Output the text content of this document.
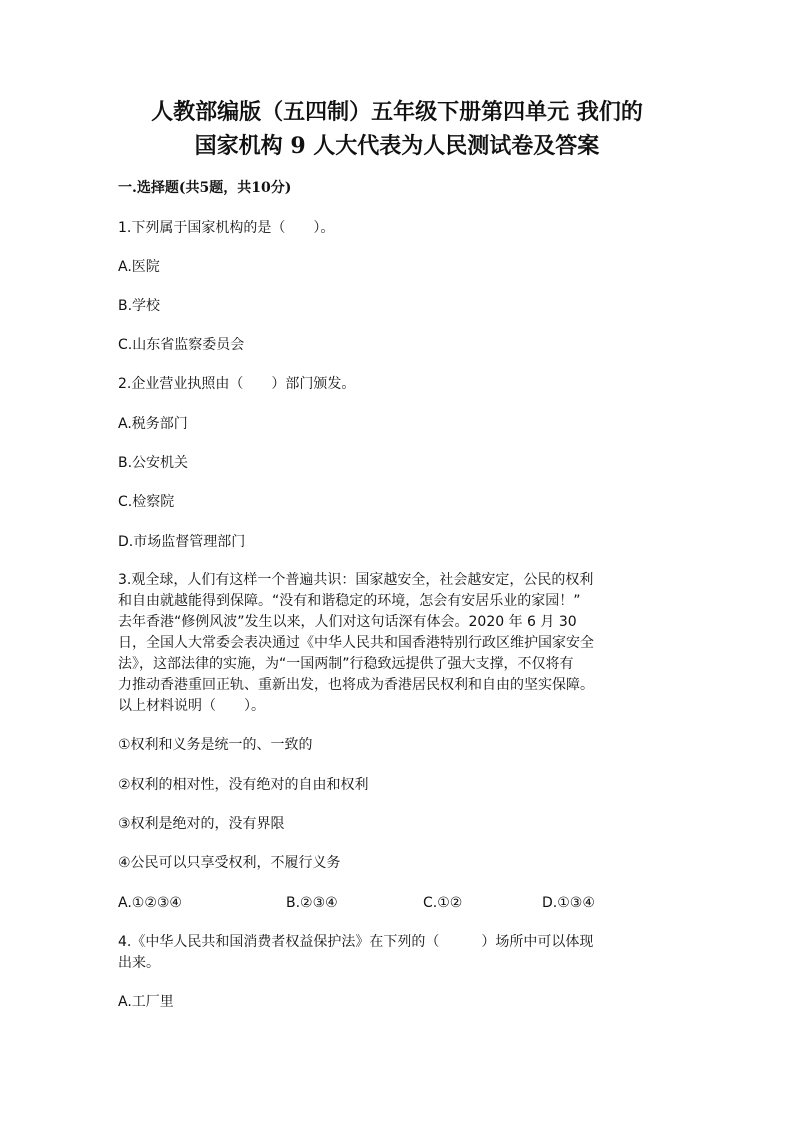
人教部编版（五四制）五年级下册第四单元 我们的
国家机构 9 人大代表为人民测试卷及答案
一.选择题(共5题，共10分)
1.下列属于国家机构的是（　　）。
A.医院
B.学校
C.山东省监察委员会
2.企业营业执照由（　　）部门颁发。
A.税务部门
B.公安机关
C.检察院
D.市场监督管理部门
3.观全球，人们有这样一个普遍共识：国家越安全，社会越安定，公民的权利
和自由就越能得到保障。“没有和谐稳定的环境，怎会有安居乐业的家园！”
去年香港“修例风波”发生以来，人们对这句话深有体会。2020 年 6 月 30
日，全国人大常委会表决通过《中华人民共和国香港特别行政区维护国家安全
法》，这部法律的实施，为“一国两制”行稳致远提供了强大支撑，不仅将有
力推动香港重回正轨、重新出发，也将成为香港居民权利和自由的坚实保障。
以上材料说明（　　）。
①权利和义务是统一的、一致的
②权利的相对性，没有绝对的自由和权利
③权利是绝对的，没有界限
④公民可以只享受权利，不履行义务
A.①②③④	B.②③④	C.①②	D.①③④
4.《中华人民共和国消费者权益保护法》在下列的（　　　）场所中可以体现
出来。
A.工厂里
